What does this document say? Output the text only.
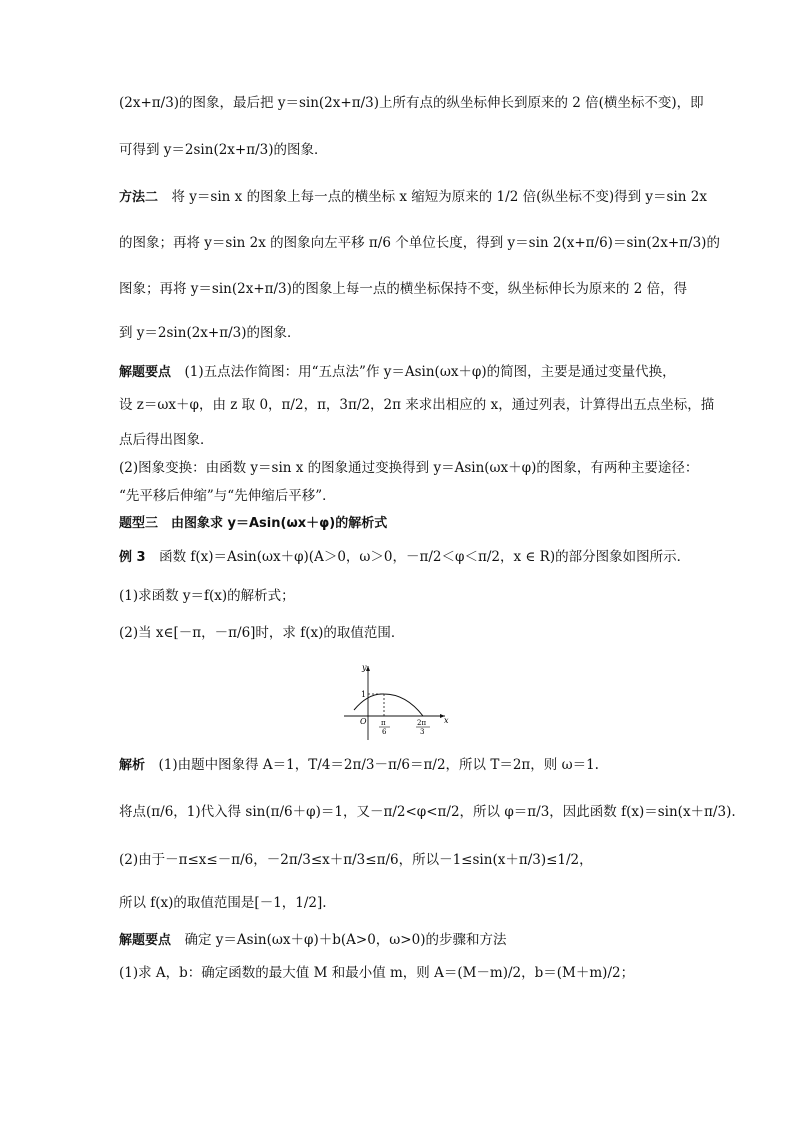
(2x+π/3)的图象，最后把 y＝sin(2x+π/3)上所有点的纵坐标伸长到原来的 2 倍(横坐标不变)，即
可得到 y＝2sin(2x+π/3)的图象．
方法二　将 y＝sin x 的图象上每一点的横坐标 x 缩短为原来的 1/2 倍(纵坐标不变)得到 y＝sin 2x
的图象；再将 y＝sin 2x 的图象向左平移 π/6 个单位长度，得到 y＝sin 2(x+π/6)＝sin(2x+π/3)的
图象；再将 y＝sin(2x+π/3)的图象上每一点的横坐标保持不变，纵坐标伸长为原来的 2 倍，得
到 y＝2sin(2x+π/3)的图象．
解题要点　(1)五点法作简图：用“五点法”作 y＝Asin(ωx＋φ)的简图，主要是通过变量代换，
设 z＝ωx＋φ，由 z 取 0，π/2，π，3π/2，2π 来求出相应的 x，通过列表，计算得出五点坐标，描
点后得出图象．
(2)图象变换：由函数 y＝sin x 的图象通过变换得到 y＝Asin(ωx＋φ)的图象，有两种主要途径：
“先平移后伸缩”与“先伸缩后平移”．
题型三　由图象求 y＝Asin(ωx＋φ)的解析式
例 3　函数 f(x)＝Asin(ωx＋φ)(A＞0，ω＞0，－π/2＜φ＜π/2，x ∈ R)的部分图象如图所示．
(1)求函数 y＝f(x)的解析式；
(2)当 x∈[－π，－π/6]时，求 f(x)的取值范围．
解析　(1)由题中图象得 A＝1，T/4＝2π/3－π/6＝π/2，所以 T＝2π，则 ω＝1.
将点(π/6，1)代入得 sin(π/6＋φ)＝1，又－π/2<φ<π/2，所以 φ＝π/3，因此函数 f(x)＝sin(x＋π/3).
(2)由于－π≤x≤－π/6，－2π/3≤x＋π/3≤π/6，所以－1≤sin(x＋π/3)≤1/2，
所以 f(x)的取值范围是[－1，1/2].
解题要点　确定 y＝Asin(ωx＋φ)＋b(A>0，ω>0)的步骤和方法
(1)求 A，b：确定函数的最大值 M 和最小值 m，则 A＝(M－m)/2，b＝(M＋m)/2；
y
x
O
1
π
6
2π
3
